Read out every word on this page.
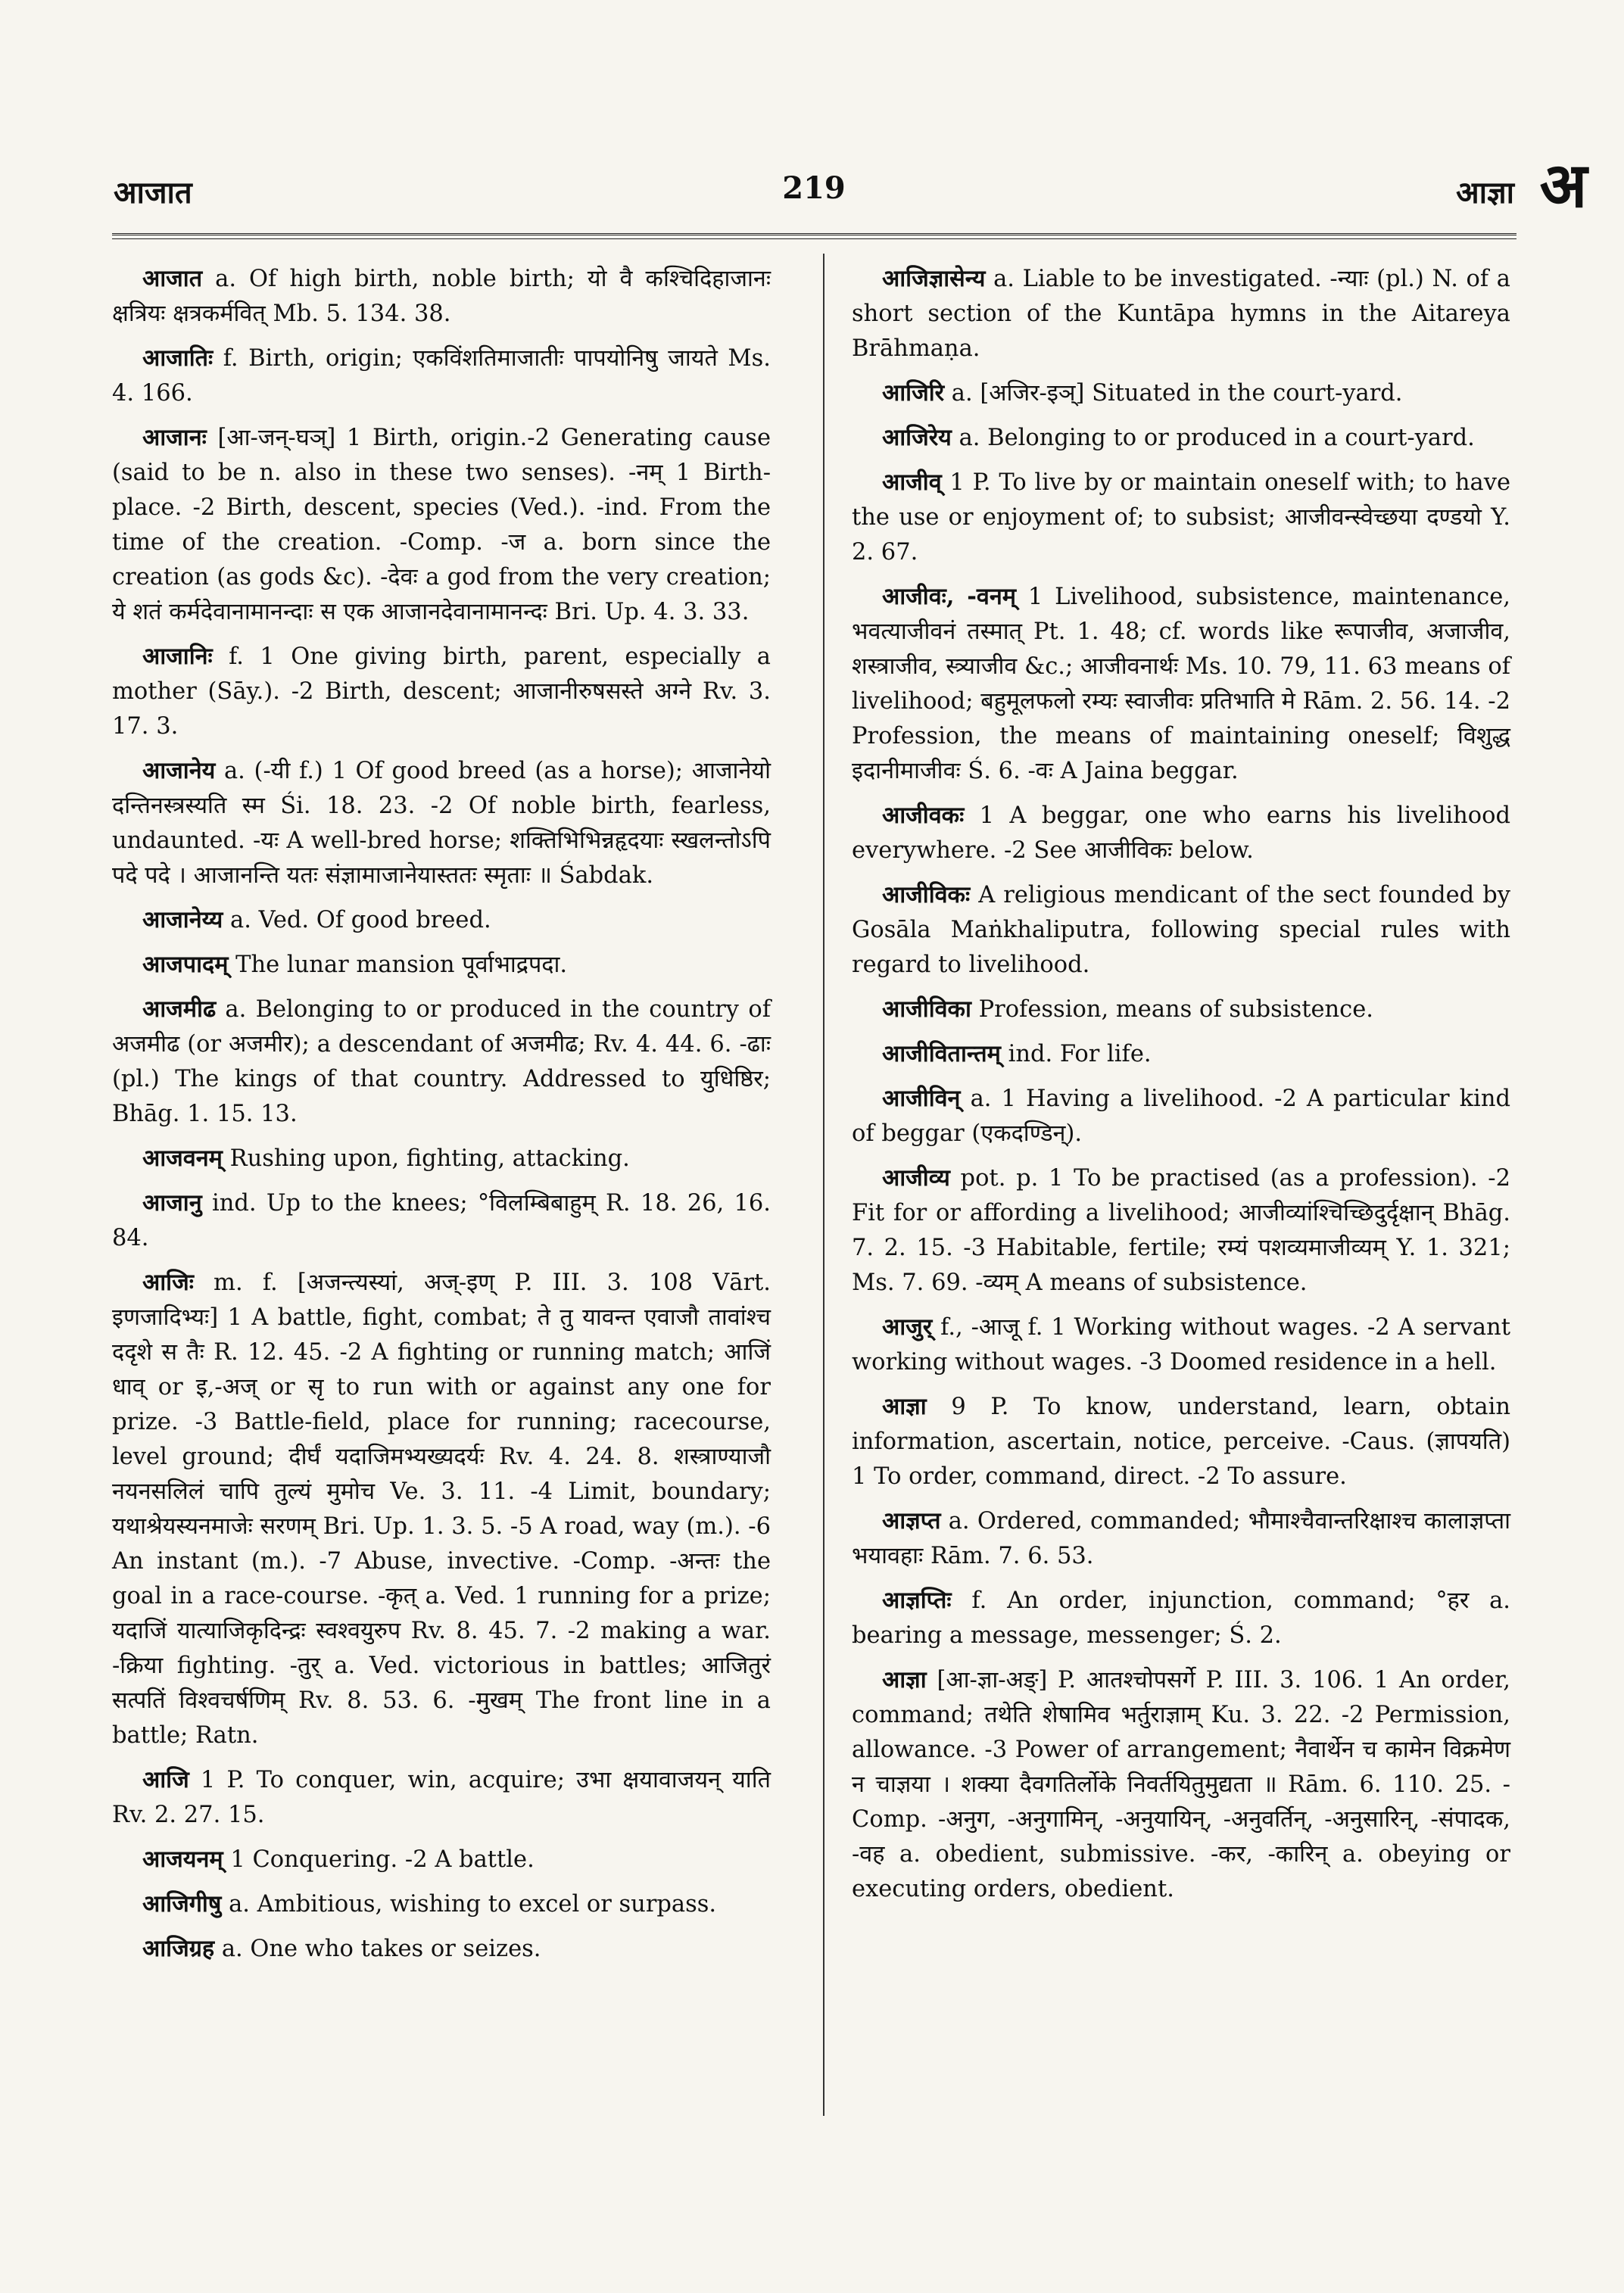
219
आजात	आज्ञा अ

आजात a. Of high birth, noble birth; यो वै कश्चिदिहाजानः क्षत्रियः क्षत्रकर्मवित् Mb. 5. 134. 38.

आजातिः f. Birth, origin; एकविंशतिमाजातीः पापयोनिषु जायते Ms. 4. 166.

आजानः [आ-जन्-घञ्] 1 Birth, origin.-2 Generating cause (said to be n. also in these two senses). -नम् 1 Birth-place. -2 Birth, descent, species (Ved.). -ind. From the time of the creation. -Comp. -ज a. born since the creation (as gods &c). -देवः a god from the very creation; ये शतं कर्मदेवानामानन्दाः स एक आजानदेवानामानन्दः Bri. Up. 4. 3. 33.

आजानिः f. 1 One giving birth, parent, especially a mother (Sāy.). -2 Birth, descent; आजानीरुषसस्ते अग्ने Rv. 3. 17. 3.

आजानेय a. (-यी f.) 1 Of good breed (as a horse); आजानेयो दन्तिनस्त्रस्यति स्म Śi. 18. 23. -2 Of noble birth, fearless, undaunted. -यः A well-bred horse; शक्तिभिभिन्नहृदयाः स्खलन्तोऽपि पदे पदे । आजानन्ति यतः संज्ञामाजानेयास्ततः स्मृताः ॥ Śabdak.

आजानेय्य a. Ved. Of good breed.

आजपादम् The lunar mansion पूर्वाभाद्रपदा.

आजमीढ a. Belonging to or produced in the country of अजमीढ (or अजमीर); a descendant of अजमीढ; Rv. 4. 44. 6. -ढाः (pl.) The kings of that country. Addressed to युधिष्ठिर; Bhāg. 1. 15. 13.

आजवनम् Rushing upon, fighting, attacking.

आजानु ind. Up to the knees; °विलम्बिबाहुम् R. 18. 26, 16. 84.

आजिः m. f. [अजन्त्यस्यां, अज्-इण् P. III. 3. 108 Vārt. इणजादिभ्यः] 1 A battle, fight, combat; ते तु यावन्त एवाजौ तावांश्च ददृशे स तैः R. 12. 45. -2 A fighting or running match; आजिं धाव् or इ,-अज् or सृ to run with or against any one for prize. -3 Battle-field, place for running; racecourse, level ground; दीर्घं यदाजिमभ्यख्यदर्यः Rv. 4. 24. 8. शस्त्राण्याजौ नयनसलिलं चापि तुल्यं मुमोच Ve. 3. 11. -4 Limit, boundary; यथाश्रेयस्यनमाजेः सरणम् Bri. Up. 1. 3. 5. -5 A road, way (m.). -6 An instant (m.). -7 Abuse, invective. -Comp. -अन्तः the goal in a race-course. -कृत् a. Ved. 1 running for a prize; यदाजिं यात्याजिकृदिन्द्रः स्वश्वयुरुप Rv. 8. 45. 7. -2 making a war. -क्रिया fighting. -तुर् a. Ved. victorious in battles; आजितुरं सत्पतिं विश्वचर्षणिम् Rv. 8. 53. 6. -मुखम् The front line in a battle; Ratn.

आजि 1 P. To conquer, win, acquire; उभा क्षयावाजयन् याति Rv. 2. 27. 15.

आजयनम् 1 Conquering. -2 A battle.

आजिगीषु a. Ambitious, wishing to excel or surpass.

आजिग्रह a. One who takes or seizes.

आजिज्ञासेन्य a. Liable to be investigated. -न्याः (pl.) N. of a short section of the Kuntāpa hymns in the Aitareya Brāhmaṇa.

आजिरि a. [अजिर-इञ्] Situated in the court-yard.

आजिरेय a. Belonging to or produced in a court-yard.

आजीव् 1 P. To live by or maintain oneself with; to have the use or enjoyment of; to subsist; आजीवन्स्वेच्छया दण्डयो Y. 2. 67.

आजीवः, -वनम् 1 Livelihood, subsistence, maintenance, भवत्याजीवनं तस्मात् Pt. 1. 48; cf. words like रूपाजीव, अजाजीव, शस्त्राजीव, स्त्र्याजीव &c.; आजीवनार्थः Ms. 10. 79, 11. 63 means of livelihood; बहुमूलफलो रम्यः स्वाजीवः प्रतिभाति मे Rām. 2. 56. 14. -2 Profession, the means of maintaining oneself; विशुद्ध इदानीमाजीवः Ś. 6. -वः A Jaina beggar.

आजीवकः 1 A beggar, one who earns his livelihood everywhere. -2 See आजीविकः below.

आजीविकः A religious mendicant of the sect founded by Gosāla Maṅkhaliputra, following special rules with regard to livelihood.

आजीविका Profession, means of subsistence.

आजीवितान्तम् ind. For life.

आजीविन् a. 1 Having a livelihood. -2 A particular kind of beggar (एकदण्डिन्).

आजीव्य pot. p. 1 To be practised (as a profession). -2 Fit for or affording a livelihood; आजीव्यांश्चिच्छिदुर्दृक्षान् Bhāg. 7. 2. 15. -3 Habitable, fertile; रम्यं पशव्यमाजीव्यम् Y. 1. 321; Ms. 7. 69. -व्यम् A means of subsistence.

आजुर् f., -आजू f. 1 Working without wages. -2 A servant working without wages. -3 Doomed residence in a hell.

आज्ञा 9 P. To know, understand, learn, obtain information, ascertain, notice, perceive. -Caus. (ज्ञापयति) 1 To order, command, direct. -2 To assure.

आज्ञप्त a. Ordered, commanded; भौमाश्चैवान्तरिक्षाश्च कालाज्ञप्ता भयावहाः Rām. 7. 6. 53.

आज्ञप्तिः f. An order, injunction, command; °हर a. bearing a message, messenger; Ś. 2.

आज्ञा [आ-ज्ञा-अङ्] P. आतश्चोपसर्गे P. III. 3. 106. 1 An order, command; तथेति शेषामिव भर्तुराज्ञाम् Ku. 3. 22. -2 Permission, allowance. -3 Power of arrangement; नैवार्थेन च कामेन विक्रमेण न चाज्ञया । शक्या दैवगतिर्लोके निवर्तयितुमुद्यता ॥ Rām. 6. 110. 25. -Comp. -अनुग, -अनुगामिन्, -अनुयायिन्, -अनुवर्तिन्, -अनुसारिन्, -संपादक, -वह a. obedient, submissive. -कर, -कारिन् a. obeying or executing orders, obedient.
